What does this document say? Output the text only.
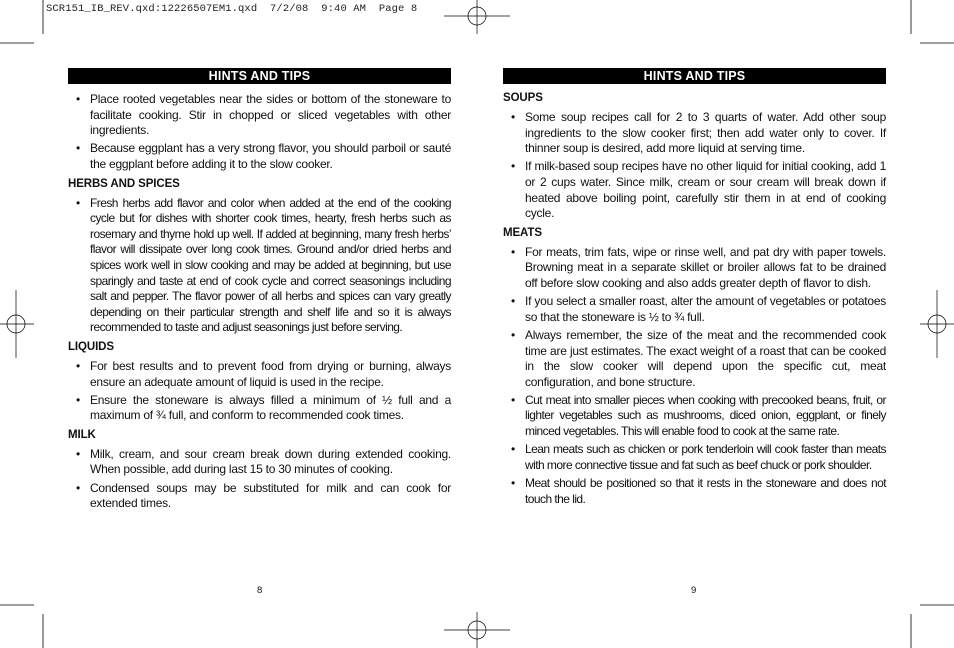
SCR151_IB_REV.qxd:12226507EM1.qxd  7/2/08  9:40 AM  Page 8
HINTS AND TIPS
• Place rooted vegetables near the sides or bottom of the stoneware to facilitate cooking. Stir in chopped or sliced vegetables with other ingredients.
• Because eggplant has a very strong flavor, you should parboil or sauté the eggplant before adding it to the slow cooker.
HERBS AND SPICES
• Fresh herbs add flavor and color when added at the end of the cooking cycle but for dishes with shorter cook times, hearty, fresh herbs such as rosemary and thyme hold up well. If added at beginning, many fresh herbs’ flavor will dissipate over long cook times. Ground and/or dried herbs and spices work well in slow cooking and may be added at beginning, but use sparingly and taste at end of cook cycle and correct seasonings including salt and pepper. The flavor power of all herbs and spices can vary greatly depending on their particular strength and shelf life and so it is always recommended to taste and adjust seasonings just before serving.
LIQUIDS
• For best results and to prevent food from drying or burning, always ensure an adequate amount of liquid is used in the recipe.
• Ensure the stoneware is always filled a minimum of ½ full and a maximum of ¾ full, and conform to recommended cook times.
MILK
• Milk, cream, and sour cream break down during extended cooking. When possible, add during last 15 to 30 minutes of cooking.
• Condensed soups may be substituted for milk and can cook for extended times.
HINTS AND TIPS
SOUPS
• Some soup recipes call for 2 to 3 quarts of water. Add other soup ingredients to the slow cooker first; then add water only to cover. If thinner soup is desired, add more liquid at serving time.
• If milk-based soup recipes have no other liquid for initial cooking, add 1 or 2 cups water. Since milk, cream or sour cream will break down if heated above boiling point, carefully stir them in at end of cooking cycle.
MEATS
• For meats, trim fats, wipe or rinse well, and pat dry with paper towels. Browning meat in a separate skillet or broiler allows fat to be drained off before slow cooking and also adds greater depth of flavor to dish.
• If you select a smaller roast, alter the amount of vegetables or potatoes so that the stoneware is ½ to ¾ full.
• Always remember, the size of the meat and the recommended cook time are just estimates. The exact weight of a roast that can be cooked in the slow cooker will depend upon the specific cut, meat configuration, and bone structure.
• Cut meat into smaller pieces when cooking with precooked beans, fruit, or lighter vegetables such as mushrooms, diced onion, eggplant, or finely minced vegetables. This will enable food to cook at the same rate.
• Lean meats such as chicken or pork tenderloin will cook faster than meats with more connective tissue and fat such as beef chuck or pork shoulder.
• Meat should be positioned so that it rests in the stoneware and does not touch the lid.
8	9
